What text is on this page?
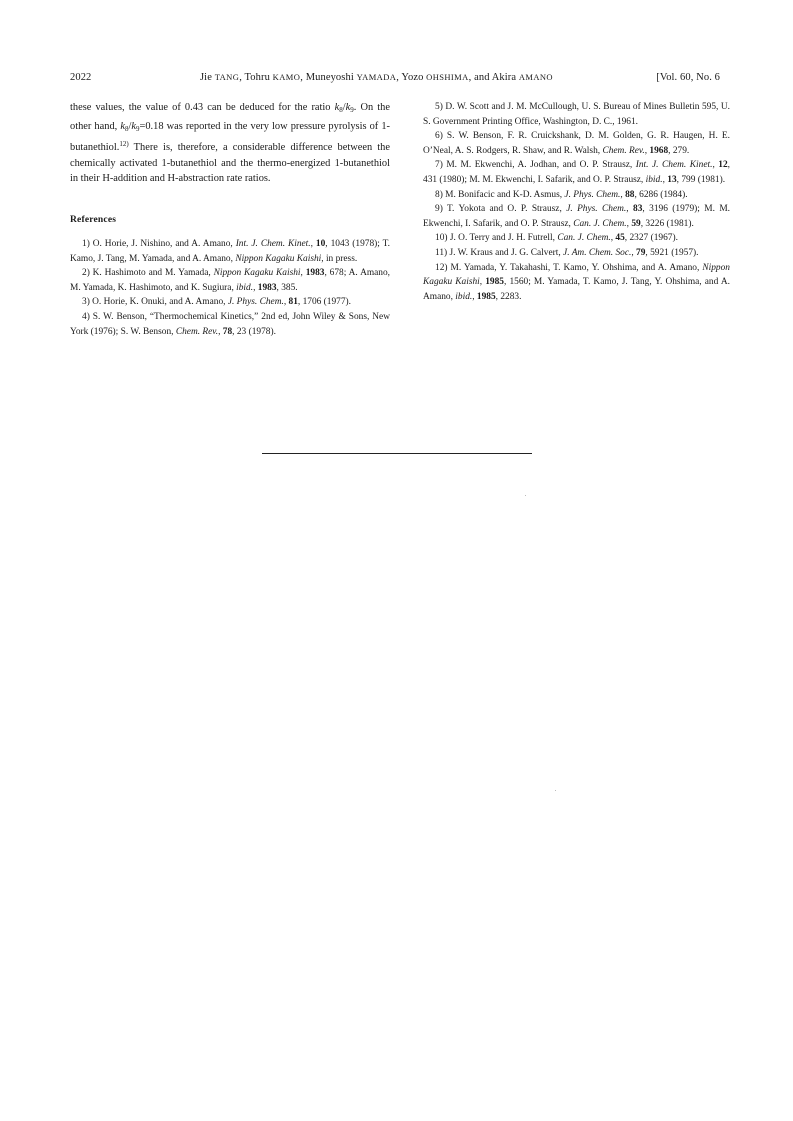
2022	Jie TANG, Tohru KAMO, Muneyoshi YAMADA, Yozo OHSHIMA, and Akira AMANO	[Vol. 60, No. 6

these values, the value of 0.43 can be deduced for the ratio $k_8/k_9$. On the other hand, $k_8/k_9=0.18$ was reported in the very low pressure pyrolysis of 1-butanethiol.$^{12)}$ There is, therefore, a considerable difference between the chemically activated 1-butanethiol and the thermo-energized 1-butanethiol in their H-addition and H-abstraction rate ratios.

References

1) O. Horie, J. Nishino, and A. Amano, Int. J. Chem. Kinet., 10, 1043 (1978); T. Kamo, J. Tang, M. Yamada, and A. Amano, Nippon Kagaku Kaishi, in press.

2) K. Hashimoto and M. Yamada, Nippon Kagaku Kaishi, 1983, 678; A. Amano, M. Yamada, K. Hashimoto, and K. Sugiura, ibid., 1983, 385.

3) O. Horie, K. Onuki, and A. Amano, J. Phys. Chem., 81, 1706 (1977).

4) S. W. Benson, “Thermochemical Kinetics,” 2nd ed, John Wiley & Sons, New York (1976); S. W. Benson, Chem. Rev., 78, 23 (1978).

5) D. W. Scott and J. M. McCullough, U. S. Bureau of Mines Bulletin 595, U. S. Government Printing Office, Washington, D. C., 1961.

6) S. W. Benson, F. R. Cruickshank, D. M. Golden, G. R. Haugen, H. E. O’Neal, A. S. Rodgers, R. Shaw, and R. Walsh, Chem. Rev., 1968, 279.

7) M. M. Ekwenchi, A. Jodhan, and O. P. Strausz, Int. J. Chem. Kinet., 12, 431 (1980); M. M. Ekwenchi, I. Safarik, and O. P. Strausz, ibid., 13, 799 (1981).

8) M. Bonifacic and K-D. Asmus, J. Phys. Chem., 88, 6286 (1984).

9) T. Yokota and O. P. Strausz, J. Phys. Chem., 83, 3196 (1979); M. M. Ekwenchi, I. Safarik, and O. P. Strausz, Can. J. Chem., 59, 3226 (1981).

10) J. O. Terry and J. H. Futrell, Can. J. Chem., 45, 2327 (1967).

11) J. W. Kraus and J. G. Calvert, J. Am. Chem. Soc., 79, 5921 (1957).

12) M. Yamada, Y. Takahashi, T. Kamo, Y. Ohshima, and A. Amano, Nippon Kagaku Kaishi, 1985, 1560; M. Yamada, T. Kamo, J. Tang, Y. Ohshima, and A. Amano, ibid., 1985, 2283.
